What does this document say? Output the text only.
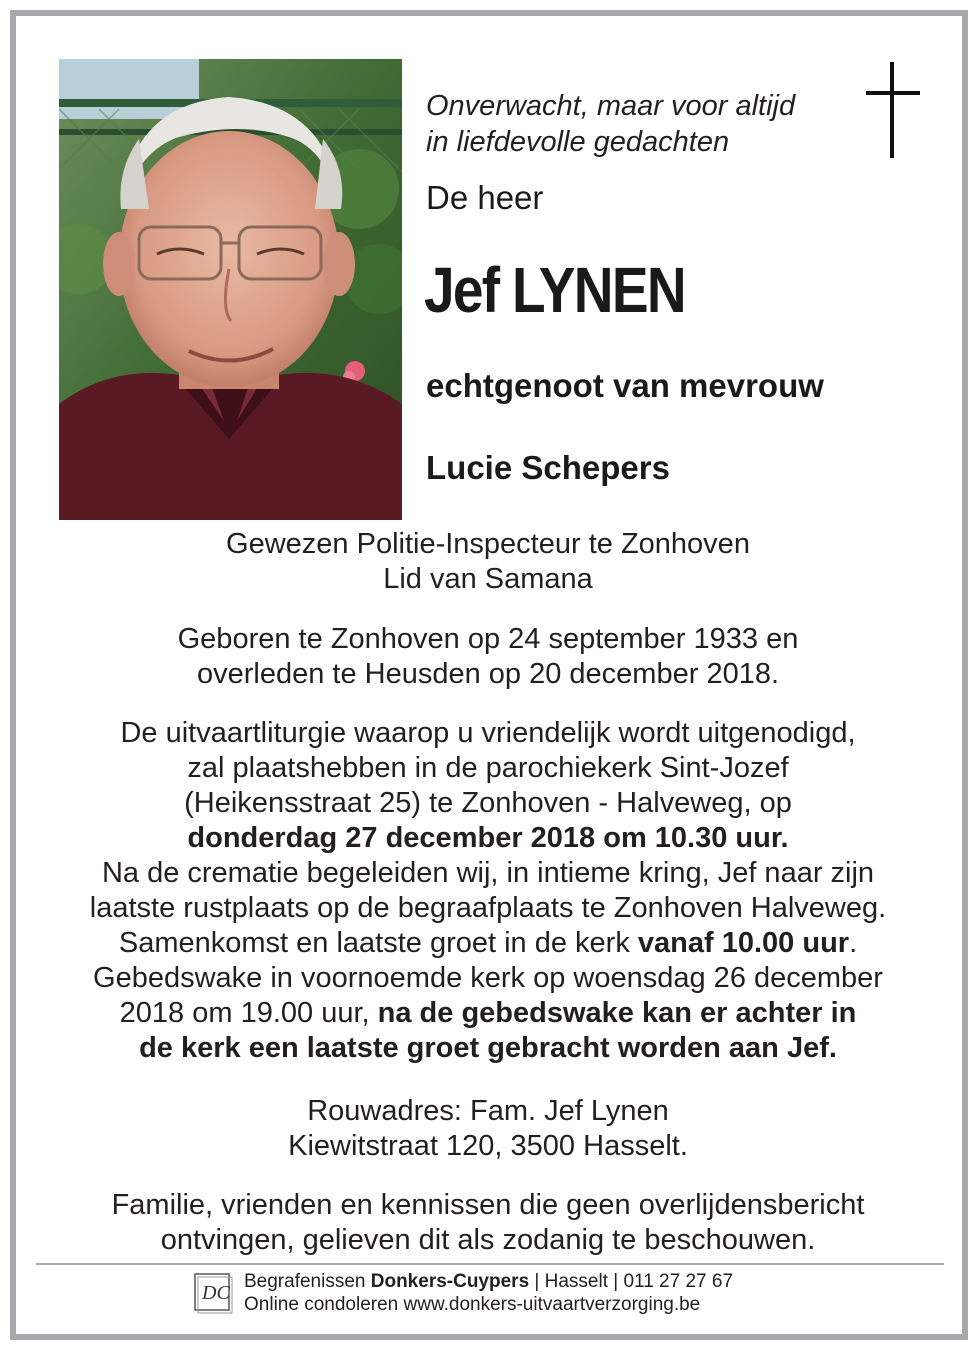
Onverwacht, maar voor altijd
in liefdevolle gedachten
De heer
Jef LYNEN
echtgenoot van mevrouw
Lucie Schepers
Gewezen Politie-Inspecteur te Zonhoven
Lid van Samana
Geboren te Zonhoven op 24 september 1933 en
overleden te Heusden op 20 december 2018.
De uitvaartliturgie waarop u vriendelijk wordt uitgenodigd,
zal plaatshebben in de parochiekerk Sint-Jozef
(Heikensstraat 25) te Zonhoven - Halveweg, op
donderdag 27 december 2018 om 10.30 uur.
Na de crematie begeleiden wij, in intieme kring, Jef naar zijn
laatste rustplaats op de begraafplaats te Zonhoven Halveweg.
Samenkomst en laatste groet in de kerk vanaf 10.00 uur.
Gebedswake in voornoemde kerk op woensdag 26 december
2018 om 19.00 uur, na de gebedswake kan er achter in
de kerk een laatste groet gebracht worden aan Jef.
Rouwadres: Fam. Jef Lynen
Kiewitstraat 120, 3500 Hasselt.
Familie, vrienden en kennissen die geen overlijdensbericht
ontvingen, gelieven dit als zodanig te beschouwen.
DC
Begrafenissen Donkers-Cuypers | Hasselt | 011 27 27 67
Online condoleren www.donkers-uitvaartverzorging.be
